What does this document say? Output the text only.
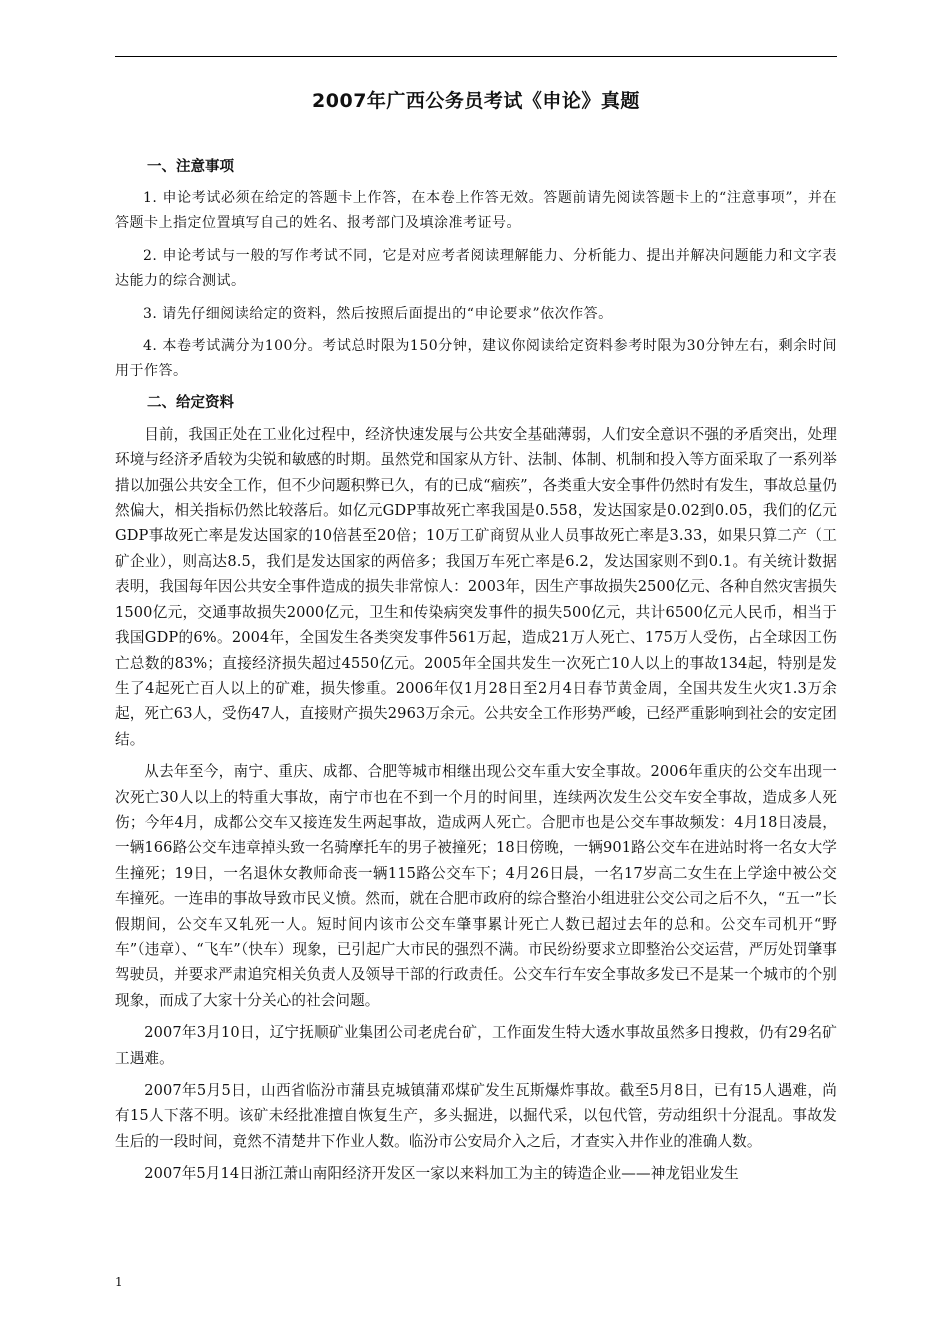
2007年广西公务员考试《申论》真题
一、注意事项

1. 申论考试必须在给定的答题卡上作答，在本卷上作答无效。答题前请先阅读答题卡上的“注意事项”，并在答题卡上指定位置填写自己的姓名、报考部门及填涂准考证号。

2. 申论考试与一般的写作考试不同，它是对应考者阅读理解能力、分析能力、提出并解决问题能力和文字表达能力的综合测试。

3. 请先仔细阅读给定的资料，然后按照后面提出的“申论要求”依次作答。

4. 本卷考试满分为100分。考试总时限为150分钟，建议你阅读给定资料参考时限为30分钟左右，剩余时间用于作答。

二、给定资料

目前，我国正处在工业化过程中，经济快速发展与公共安全基础薄弱，人们安全意识不强的矛盾突出，处理环境与经济矛盾较为尖锐和敏感的时期。虽然党和国家从方针、法制、体制、机制和投入等方面采取了一系列举措以加强公共安全工作，但不少问题积弊已久，有的已成“痼疾”，各类重大安全事件仍然时有发生，事故总量仍然偏大，相关指标仍然比较落后。如亿元GDP事故死亡率我国是0.558，发达国家是0.02到0.05，我们的亿元GDP事故死亡率是发达国家的10倍甚至20倍；10万工矿商贸从业人员事故死亡率是3.33，如果只算二产（工矿企业），则高达8.5，我们是发达国家的两倍多；我国万车死亡率是6.2，发达国家则不到0.1。有关统计数据表明，我国每年因公共安全事件造成的损失非常惊人：2003年，因生产事故损失2500亿元、各种自然灾害损失1500亿元，交通事故损失2000亿元，卫生和传染病突发事件的损失500亿元，共计6500亿元人民币，相当于我国GDP的6%。2004年，全国发生各类突发事件561万起，造成21万人死亡、175万人受伤，占全球因工伤亡总数的83%；直接经济损失超过4550亿元。2005年全国共发生一次死亡10人以上的事故134起，特别是发生了4起死亡百人以上的矿难，损失惨重。2006年仅1月28日至2月4日春节黄金周，全国共发生火灾1.3万余起，死亡63人，受伤47人，直接财产损失2963万余元。公共安全工作形势严峻，已经严重影响到社会的安定团结。

从去年至今，南宁、重庆、成都、合肥等城市相继出现公交车重大安全事故。2006年重庆的公交车出现一次死亡30人以上的特重大事故，南宁市也在不到一个月的时间里，连续两次发生公交车安全事故，造成多人死伤；今年4月，成都公交车又接连发生两起事故，造成两人死亡。合肥市也是公交车事故频发：4月18日凌晨，一辆166路公交车违章掉头致一名骑摩托车的男子被撞死；18日傍晚，一辆901路公交车在进站时将一名女大学生撞死；19日，一名退休女教师命丧一辆115路公交车下；4月26日晨，一名17岁高二女生在上学途中被公交车撞死。一连串的事故导致市民义愤。然而，就在合肥市政府的综合整治小组进驻公交公司之后不久，“五一”长假期间，公交车又轧死一人。短时间内该市公交车肇事累计死亡人数已超过去年的总和。公交车司机开“野车”（违章）、“飞车”（快车）现象，已引起广大市民的强烈不满。市民纷纷要求立即整治公交运营，严厉处罚肇事驾驶员，并要求严肃追究相关负责人及领导干部的行政责任。公交车行车安全事故多发已不是某一个城市的个别现象，而成了大家十分关心的社会问题。

2007年3月10日，辽宁抚顺矿业集团公司老虎台矿，工作面发生特大透水事故虽然多日搜救，仍有29名矿工遇难。

2007年5月5日，山西省临汾市蒲县克城镇蒲邓煤矿发生瓦斯爆炸事故。截至5月8日，已有15人遇难，尚有15人下落不明。该矿未经批准擅自恢复生产，多头掘进，以掘代采，以包代管，劳动组织十分混乱。事故发生后的一段时间，竟然不清楚井下作业人数。临汾市公安局介入之后，才查实入井作业的准确人数。

2007年5月14日浙江萧山南阳经济开发区一家以来料加工为主的铸造企业——神龙铝业发生

1
